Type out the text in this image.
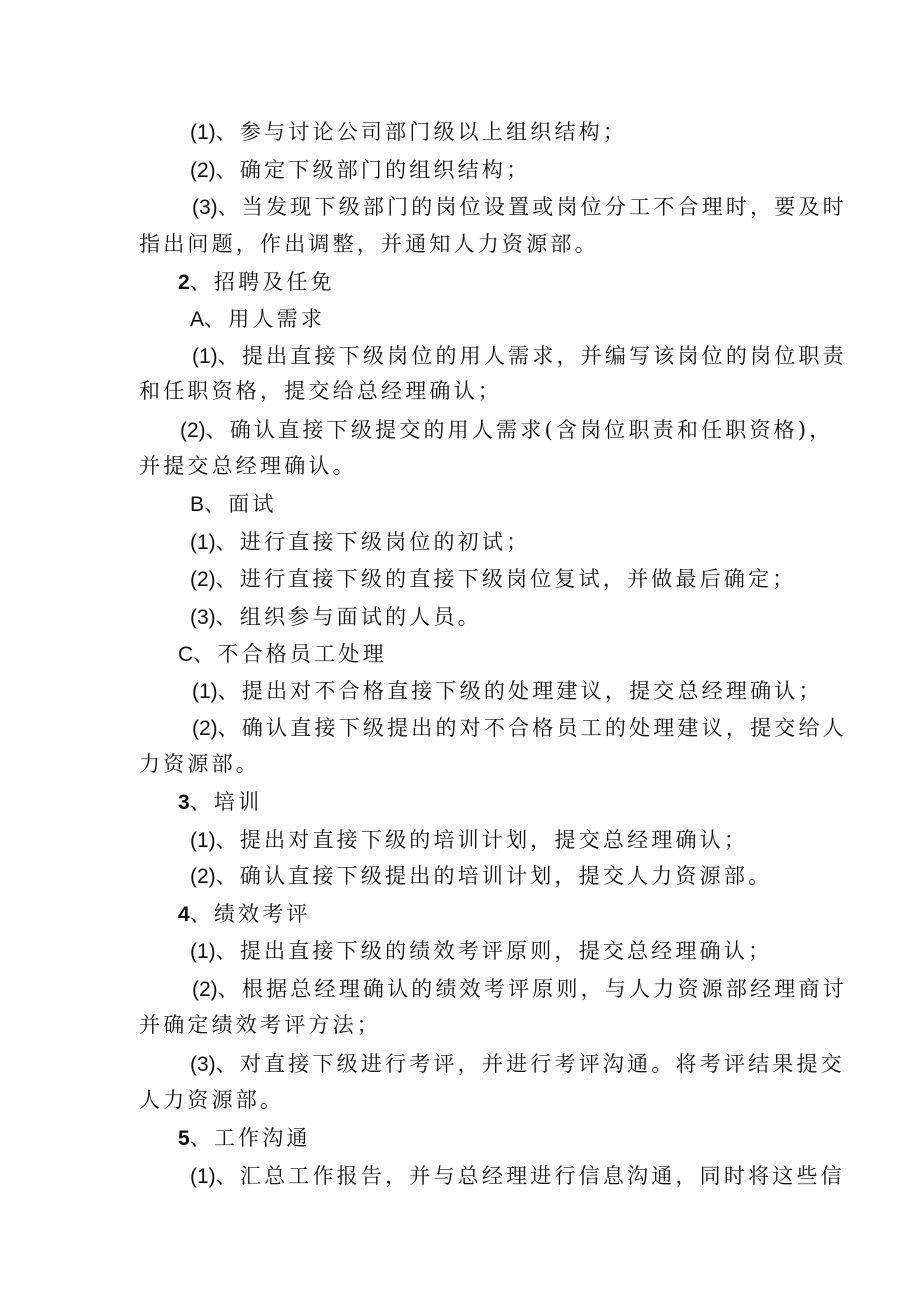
(1)、参与讨论公司部门级以上组织结构；
(2)、确定下级部门的组织结构；
(3)、当发现下级部门的岗位设置或岗位分工不合理时，要及时
指出问题，作出调整，并通知人力资源部。
2、招聘及任免
A、用人需求
(1)、提出直接下级岗位的用人需求，并编写该岗位的岗位职责
和任职资格，提交给总经理确认；
(2)、确认直接下级提交的用人需求(含岗位职责和任职资格)，
并提交总经理确认。
B、面试
(1)、进行直接下级岗位的初试；
(2)、进行直接下级的直接下级岗位复试，并做最后确定；
(3)、组织参与面试的人员。
C、不合格员工处理
(1)、提出对不合格直接下级的处理建议，提交总经理确认；
(2)、确认直接下级提出的对不合格员工的处理建议，提交给人
力资源部。
3、培训
(1)、提出对直接下级的培训计划，提交总经理确认；
(2)、确认直接下级提出的培训计划，提交人力资源部。
4、绩效考评
(1)、提出直接下级的绩效考评原则，提交总经理确认；
(2)、根据总经理确认的绩效考评原则，与人力资源部经理商讨
并确定绩效考评方法；
(3)、对直接下级进行考评，并进行考评沟通。将考评结果提交
人力资源部。
5、工作沟通
(1)、汇总工作报告，并与总经理进行信息沟通，同时将这些信
